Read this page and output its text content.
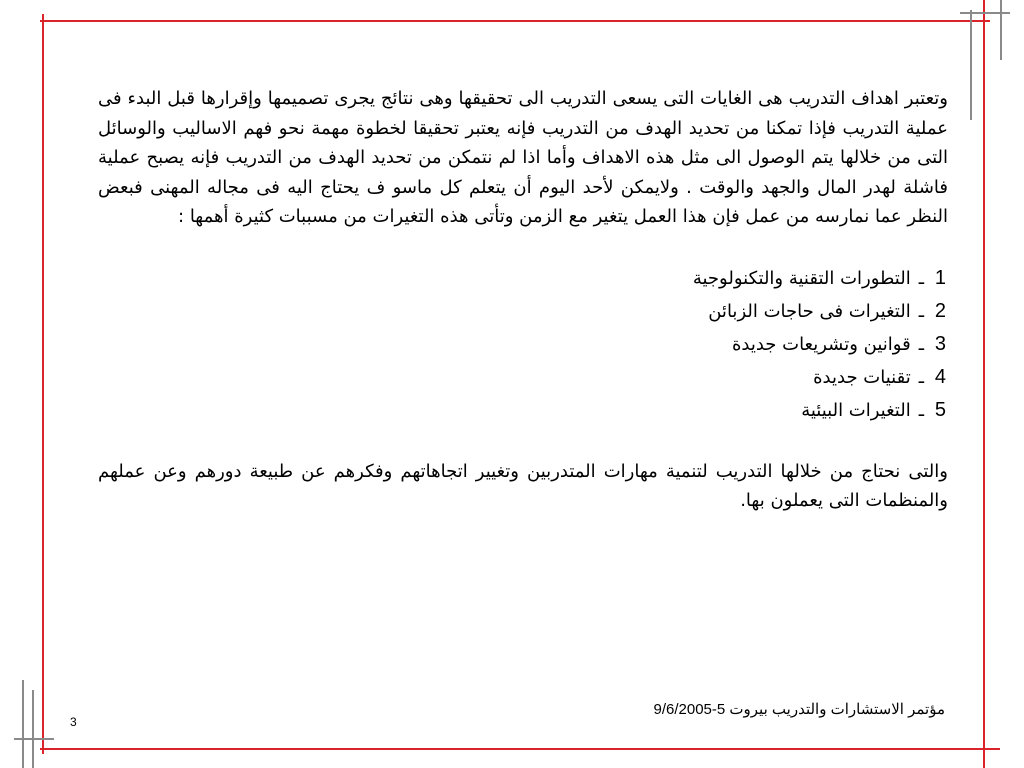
وتعتبر اهداف التدريب هى الغايات التى يسعى التدريب الى تحقيقها وهى نتائج يجرى تصميمها وإقرارها قبل البدء فى عملية التدريب فإذا تمكنا من تحديد الهدف من التدريب فإنه يعتبر تحقيقا لخطوة مهمة نحو فهم الاساليب والوسائل التى من خلالها يتم الوصول الى مثل هذه الاهداف وأما اذا لم نتمكن من تحديد الهدف من التدريب فإنه يصبح عملية فاشلة لهدر المال والجهد والوقت . ولايمكن لأحد اليوم أن يتعلم كل ماسو ف يحتاج اليه فى مجاله المهنى فبعض النظر عما نمارسه من عمل فإن هذا العمل يتغير مع الزمن وتأتى هذه التغيرات من مسببات كثيرة أهمها :

1
ـ
التطورات التقنية والتكنولوجية
2
ـ
التغيرات فى حاجات الزبائن
3
ـ
قوانين وتشريعات جديدة
4
ـ
تقنيات جديدة
5
ـ
التغيرات البيئية

والتى نحتاج من خلالها التدريب لتنمية مهارات المتدربين وتغيير اتجاهاتهم وفكرهم عن طبيعة دورهم وعن عملهم والمنظمات التى يعملون بها.

مؤتمر الاستشارات والتدريب بيروت 5-9/6/2005
3
